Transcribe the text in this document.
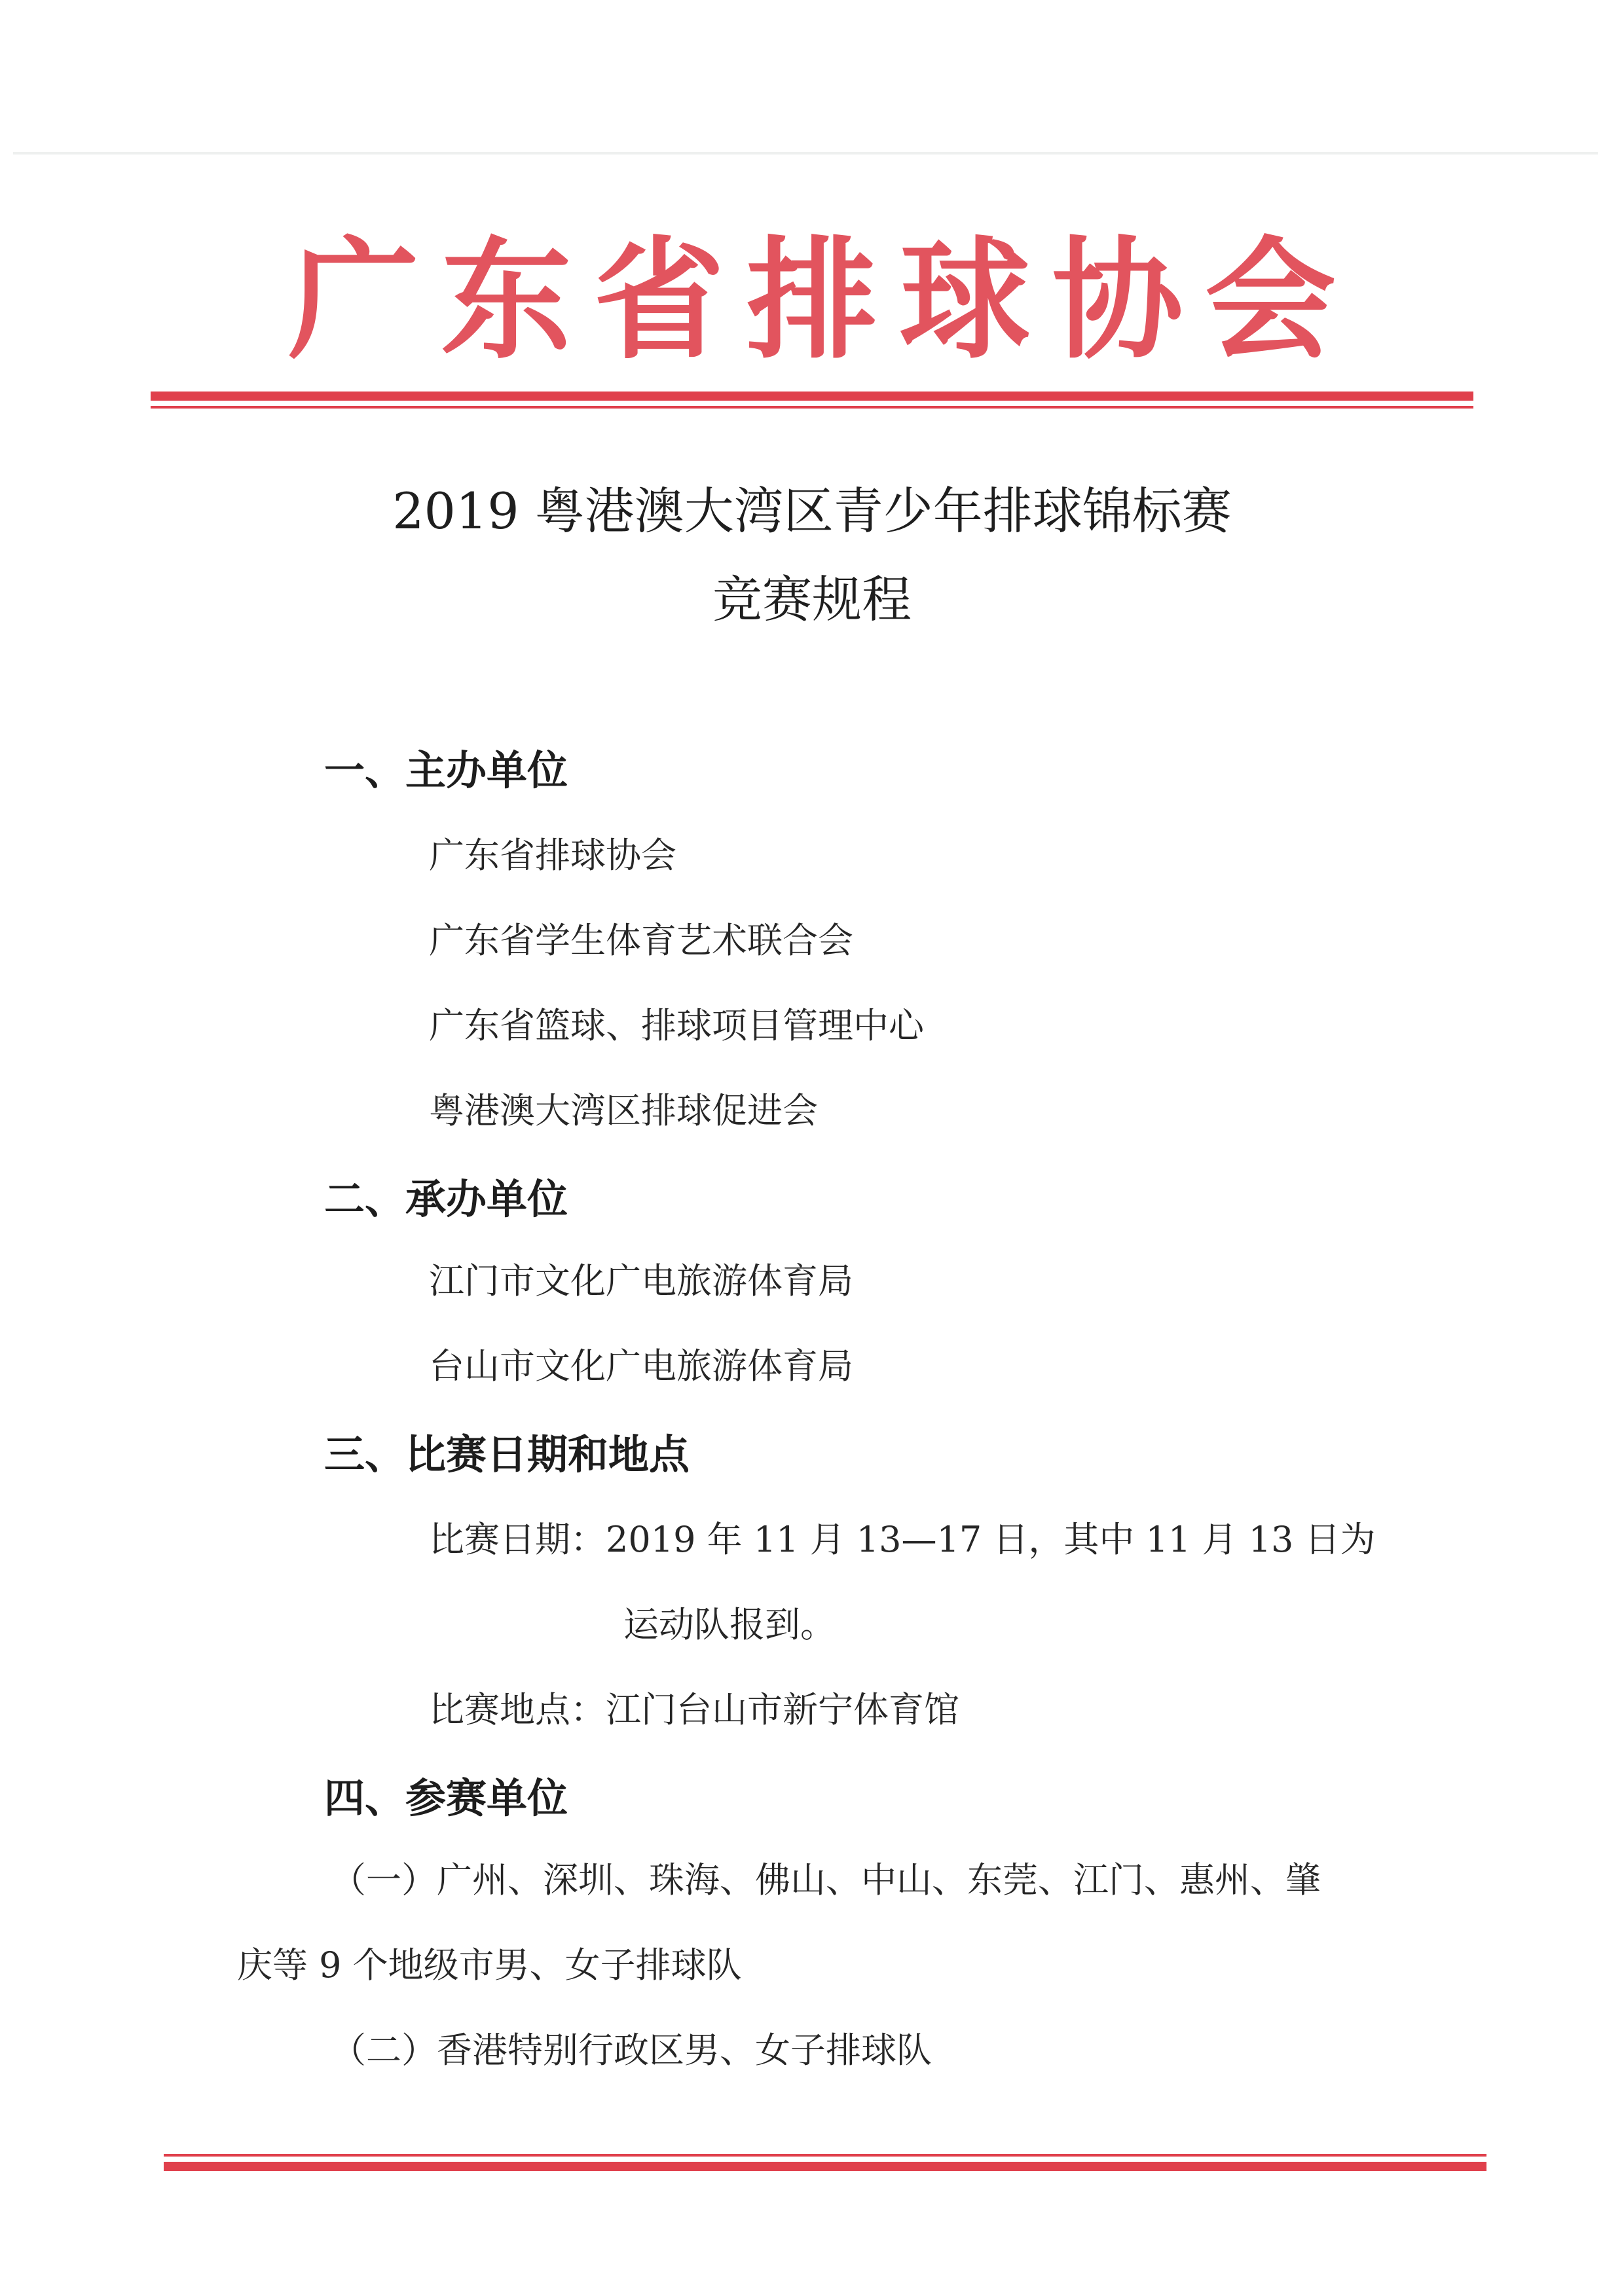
广 东 省 排 球 协 会
2019 粤港澳大湾区青少年排球锦标赛
竞赛规程
一、主办单位
广东省排球协会
广东省学生体育艺术联合会
广东省篮球、排球项目管理中心
粤港澳大湾区排球促进会
二、承办单位
江门市文化广电旅游体育局
台山市文化广电旅游体育局
三、比赛日期和地点
比赛日期：2019 年 11 月 13—17 日，其中 11 月 13 日为
运动队报到。
比赛地点：江门台山市新宁体育馆
四、参赛单位
（一）广州、深圳、珠海、佛山、中山、东莞、江门、惠州、肇
庆等 9 个地级市男、女子排球队
（二）香港特别行政区男、女子排球队
